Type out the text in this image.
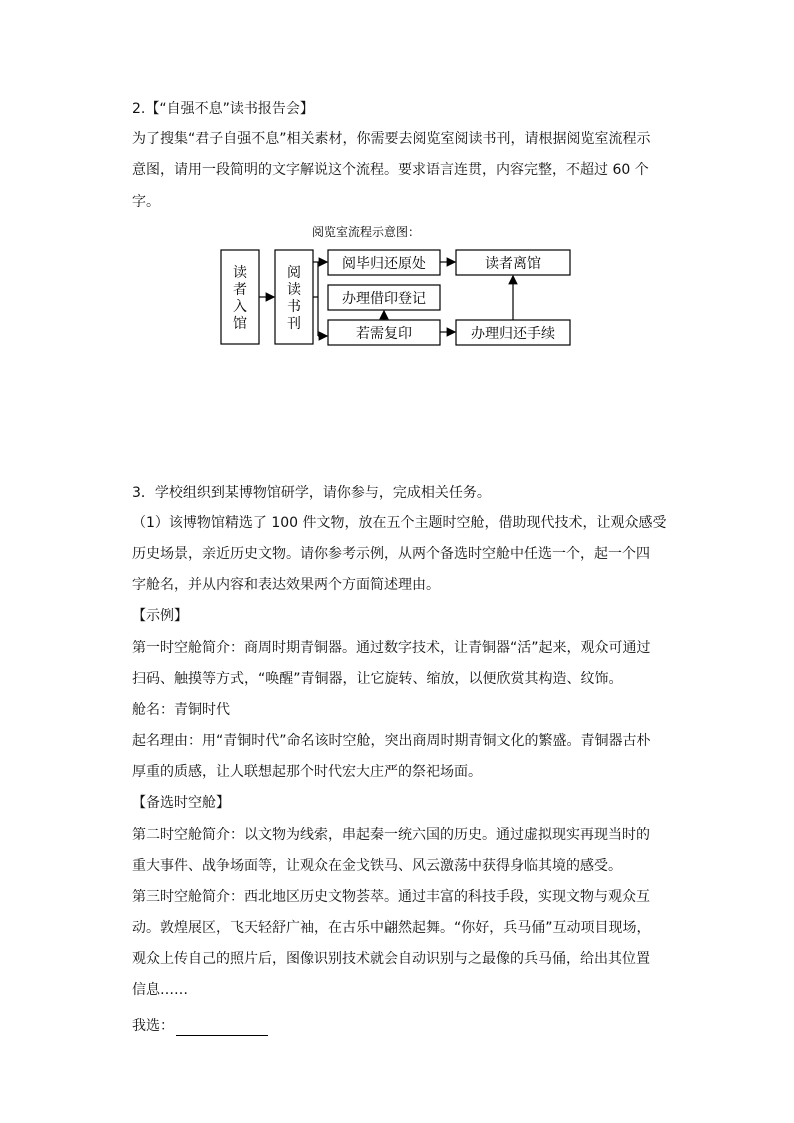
2.【“自强不息”读书报告会】
为了搜集“君子自强不息”相关素材，你需要去阅览室阅读书刊，请根据阅览室流程示
意图，请用一段简明的文字解说这个流程。要求语言连贯，内容完整，不超过 60 个
字。
阅览室流程示意图：
读者入馆
阅读书刊
阅毕归还原处	读者离馆
办理借印登记
若需复印	办理归还手续
3．学校组织到某博物馆研学，请你参与，完成相关任务。
（1）该博物馆精选了 100 件文物，放在五个主题时空舱，借助现代技术，让观众感受
历史场景，亲近历史文物。请你参考示例，从两个备选时空舱中任选一个，起一个四
字舱名，并从内容和表达效果两个方面简述理由。
【示例】
第一时空舱简介：商周时期青铜器。通过数字技术，让青铜器“活”起来，观众可通过
扫码、触摸等方式，“唤醒”青铜器，让它旋转、缩放，以便欣赏其构造、纹饰。
舱名：青铜时代
起名理由：用“青铜时代”命名该时空舱，突出商周时期青铜文化的繁盛。青铜器古朴
厚重的质感，让人联想起那个时代宏大庄严的祭祀场面。
【备选时空舱】
第二时空舱简介：以文物为线索，串起秦一统六国的历史。通过虚拟现实再现当时的
重大事件、战争场面等，让观众在金戈铁马、风云激荡中获得身临其境的感受。
第三时空舱简介：西北地区历史文物荟萃。通过丰富的科技手段，实现文物与观众互
动。敦煌展区，飞天轻舒广袖，在古乐中翩然起舞。“你好，兵马俑”互动项目现场，
观众上传自己的照片后，图像识别技术就会自动识别与之最像的兵马俑，给出其位置
信息……
我选：
